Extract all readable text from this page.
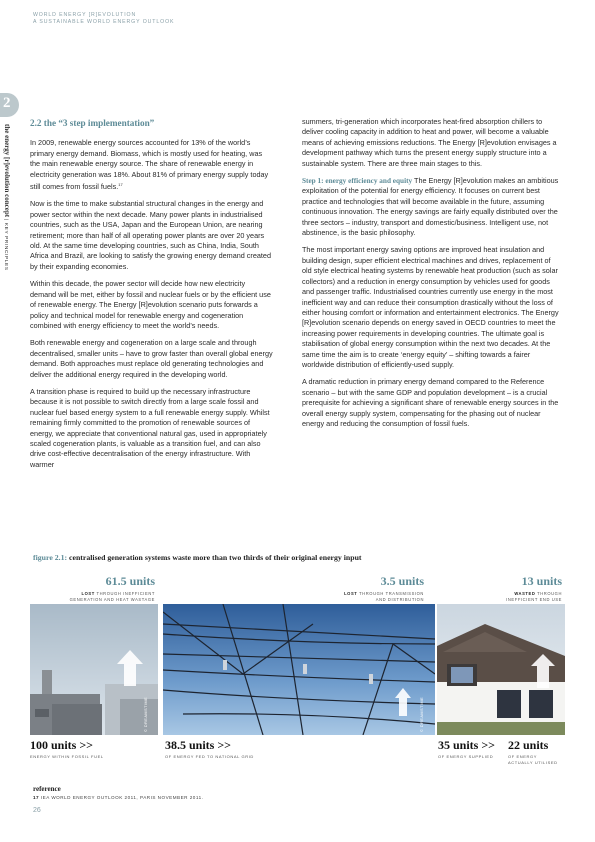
WORLD ENERGY [R]EVOLUTION
A SUSTAINABLE WORLD ENERGY OUTLOOK
2
the energy [r]evolution concept | KEY PRINCIPLES
2.2 the “3 step implementation”

In 2009, renewable energy sources accounted for 13% of the world’s primary energy demand. Biomass, which is mostly used for heating, was the main renewable energy source. The share of renewable energy in electricity generation was 18%. About 81% of primary energy supply today still comes from fossil fuels.$^{17}$

Now is the time to make substantial structural changes in the energy and power sector within the next decade. Many power plants in industrialised countries, such as the USA, Japan and the European Union, are nearing retirement; more than half of all operating power plants are over 20 years old. At the same time developing countries, such as China, India, South Africa and Brazil, are looking to satisfy the growing energy demand created by their expanding economies.

Within this decade, the power sector will decide how new electricity demand will be met, either by fossil and nuclear fuels or by the efficient use of renewable energy. The Energy [R]evolution scenario puts forwards a policy and technical model for renewable energy and cogeneration combined with energy efficiency to meet the world’s needs.

Both renewable energy and cogeneration on a large scale and through decentralised, smaller units – have to grow faster than overall global energy demand. Both approaches must replace old generating technologies and deliver the additional energy required in the developing world.

A transition phase is required to build up the necessary infrastructure because it is not possible to switch directly from a large scale fossil and nuclear fuel based energy system to a full renewable energy supply. Whilst remaining firmly committed to the promotion of renewable sources of energy, we appreciate that conventional natural gas, used in appropriately scaled cogeneration plants, is valuable as a transition fuel, and can also drive cost-effective decentralisation of the energy infrastructure. With warmer

summers, tri-generation which incorporates heat-fired absorption chillers to deliver cooling capacity in addition to heat and power, will become a valuable means of achieving emissions reductions. The Energy [R]evolution envisages a development pathway which turns the present energy supply structure into a sustainable system. There are three main stages to this.

Step 1: energy efficiency and equity The Energy [R]evolution makes an ambitious exploitation of the potential for energy efficiency. It focuses on current best practice and technologies that will become available in the future, assuming continuous innovation. The energy savings are fairly equally distributed over the three sectors – industry, transport and domestic/business. Intelligent use, not abstinence, is the basic philosophy.

The most important energy saving options are improved heat insulation and building design, super efficient electrical machines and drives, replacement of old style electrical heating systems by renewable heat production (such as solar collectors) and a reduction in energy consumption by vehicles used for goods and passenger traffic. Industrialised countries currently use energy in the most inefficient way and can reduce their consumption drastically without the loss of either housing comfort or information and entertainment electronics. The Energy [R]evolution scenario depends on energy saved in OECD countries to meet the increasing power requirements in developing countries. The ultimate goal is stabilisation of global energy consumption within the next two decades. At the same time the aim is to create ‘energy equity’ – shifting towards a fairer worldwide distribution of efficiently-used supply.

A dramatic reduction in primary energy demand compared to the Reference scenario – but with the same GDP and population development – is a crucial prerequisite for achieving a significant share of renewable energy sources in the overall energy supply system, compensating for the phasing out of nuclear energy and reducing the consumption of fossil fuels.

figure 2.1: centralised generation systems waste more than two thirds of their original energy input
61.5 units
LOST THROUGH INEFFICIENT
GENERATION AND HEAT WASTAGE
3.5 units
LOST THROUGH TRANSMISSION
AND DISTRIBUTION
13 units
WASTED THROUGH
INEFFICIENT END USE
© DREAMSTIME	© DREAMSTIME
100 units >>
ENERGY WITHIN FOSSIL FUEL
38.5 units >>
OF ENERGY FED TO NATIONAL GRID
35 units >>
OF ENERGY SUPPLIED
22 units
OF ENERGY
ACTUALLY UTILISED
reference
17 IEA WORLD ENERGY OUTLOOK 2011, PARIS NOVEMBER 2011.
26
